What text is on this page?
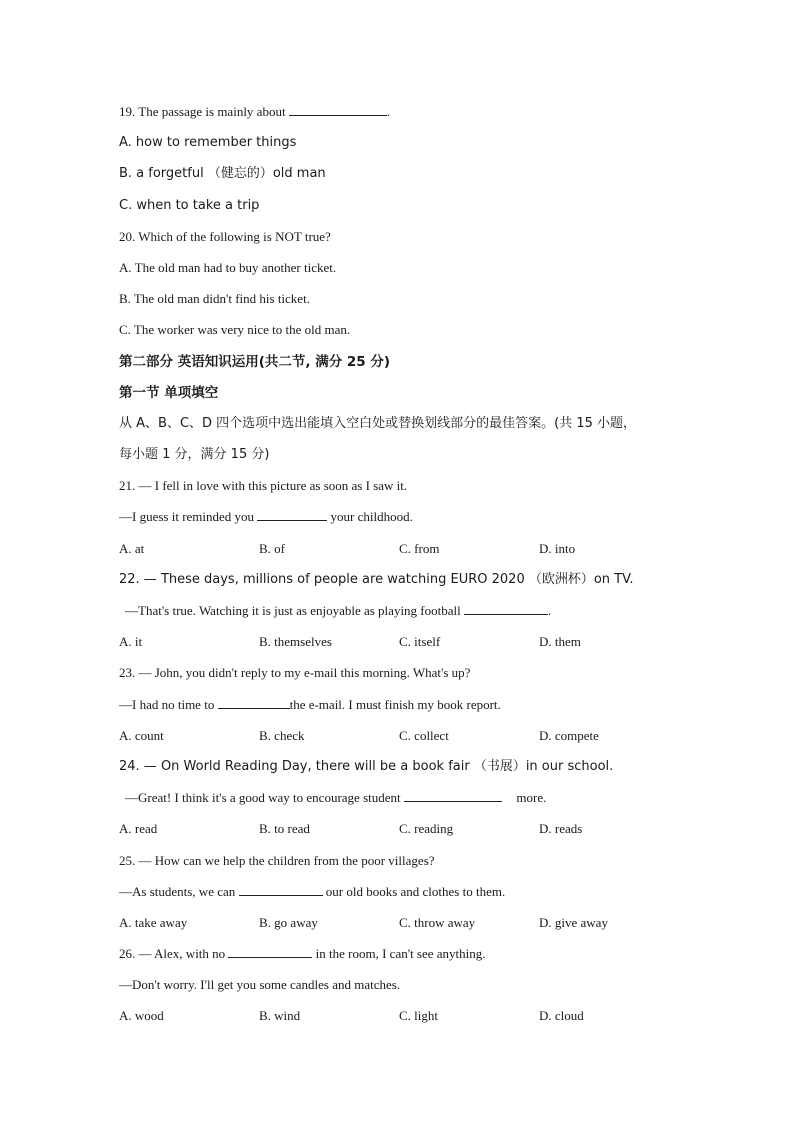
19. The passage is mainly about	.
A. how to remember things
B. a forgetful （健忘的）old man
C. when to take a trip
20. Which of the following is NOT true?
A. The old man had to buy another ticket.
B. The old man didn't find his ticket.
C. The worker was very nice to the old man.
第二部分 英语知识运用(共二节, 满分 25 分)
第一节 单项填空
从 A、B、C、D 四个选项中选出能填入空白处或替换划线部分的最佳答案。(共 15 小题，
每小题 1 分，满分 15 分)
21. — I fell in love with this picture as soon as I saw it.
—I guess it reminded you	your childhood.
A. at	B. of	C. from	D. into
22. — These days, millions of people are watching EURO 2020 （欧洲杯）on TV.
—That's true. Watching it is just as enjoyable as playing football	.
A. it	B. themselves	C. itself	D. them
23. — John, you didn't reply to my e-mail this morning. What's up?
—I had no time to	the e-mail. I must finish my book report.
A. count	B. check	C. collect	D. compete
24. — On World Reading Day, there will be a book fair （书展）in our school.
—Great! I think it's a good way to encourage student	more.
A. read	B. to read	C. reading	D. reads
25. — How can we help the children from the poor villages?
—As students, we can	our old books and clothes to them.
A. take away	B. go away	C. throw away	D. give away
26. — Alex, with no	in the room, I can't see anything.
—Don't worry. I'll get you some candles and matches.
A. wood	B. wind	C. light	D. cloud
